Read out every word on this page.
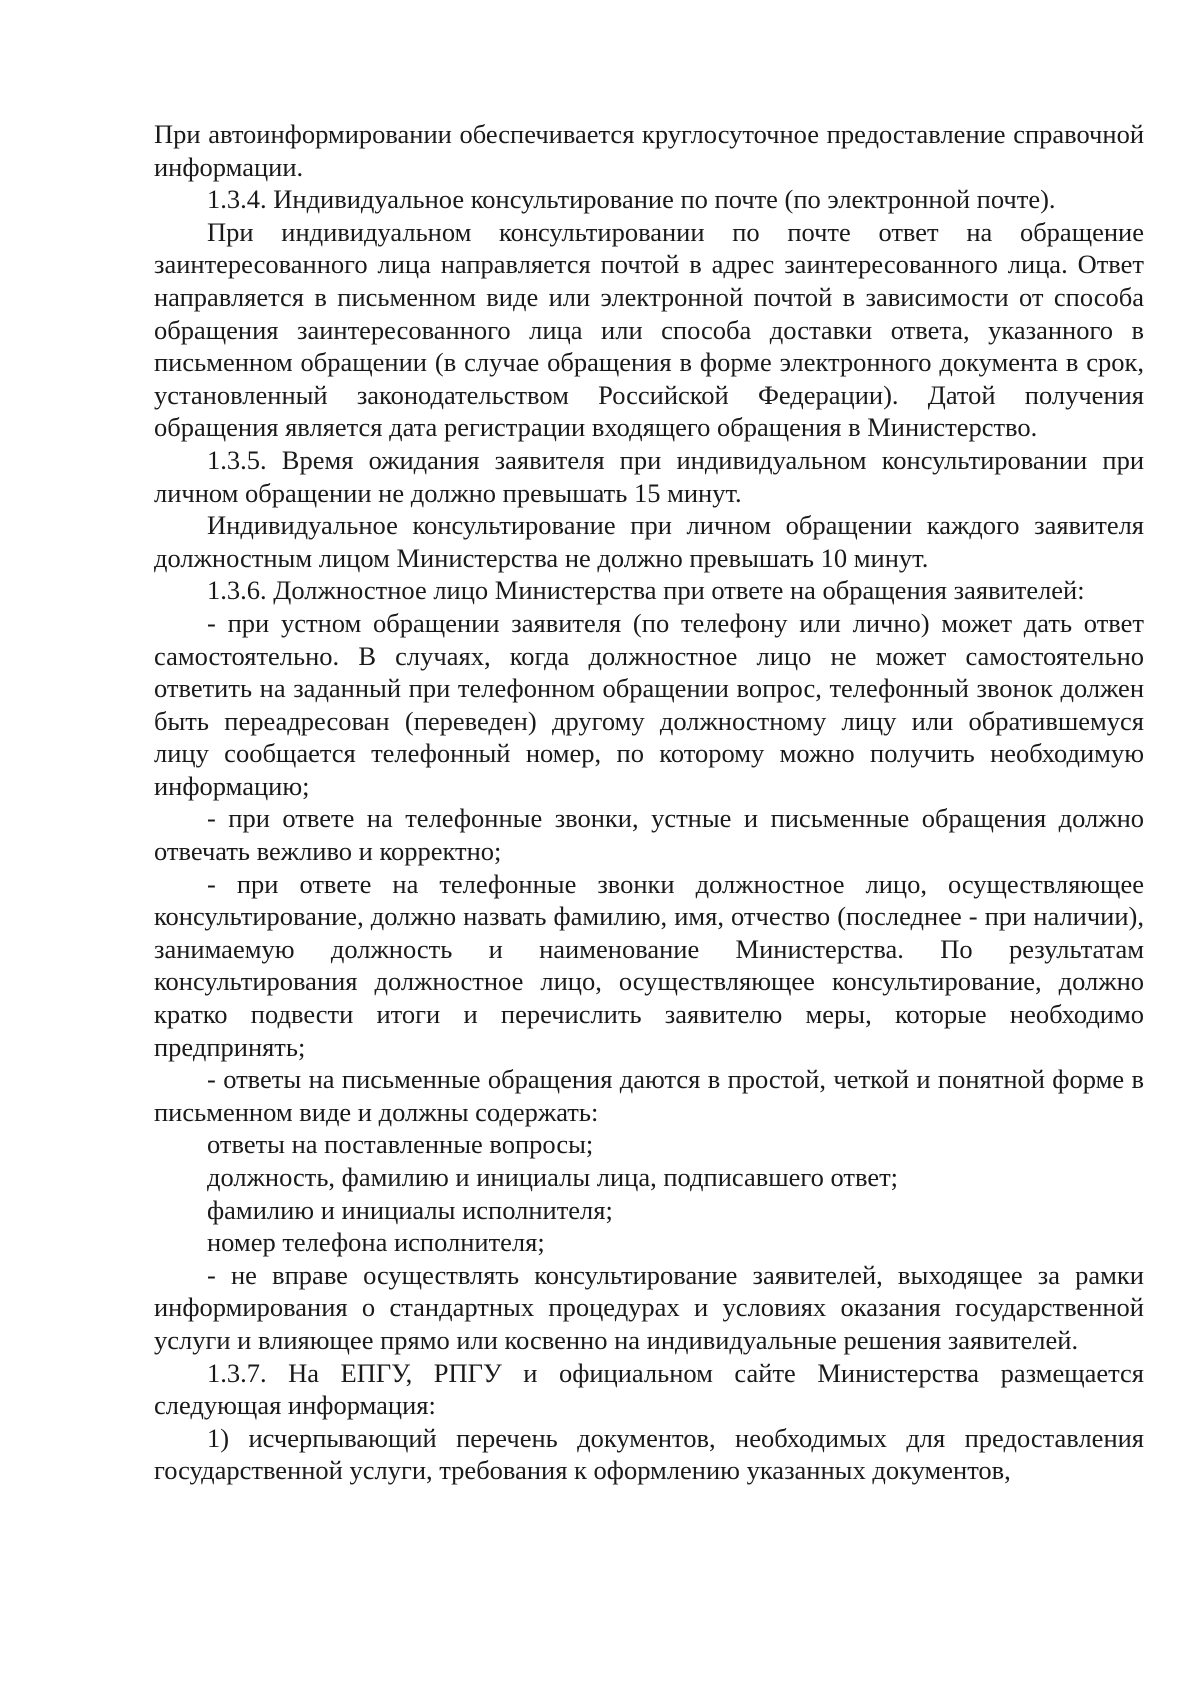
При автоинформировании обеспечивается круглосуточное предоставление справочной информации.

1.3.4. Индивидуальное консультирование по почте (по электронной почте).

При индивидуальном консультировании по почте ответ на обращение заинтересованного лица направляется почтой в адрес заинтересованного лица. Ответ направляется в письменном виде или электронной почтой в зависимости от способа обращения заинтересованного лица или способа доставки ответа, указанного в письменном обращении (в случае обращения в форме электронного документа в срок, установленный законодательством Российской Федерации). Датой получения обращения является дата регистрации входящего обращения в Министерство.

1.3.5. Время ожидания заявителя при индивидуальном консультировании при личном обращении не должно превышать 15 минут.

Индивидуальное консультирование при личном обращении каждого заявителя должностным лицом Министерства не должно превышать 10 минут.

1.3.6. Должностное лицо Министерства при ответе на обращения заявителей:

- при устном обращении заявителя (по телефону или лично) может дать ответ самостоятельно. В случаях, когда должностное лицо не может самостоятельно ответить на заданный при телефонном обращении вопрос, телефонный звонок должен быть переадресован (переведен) другому должностному лицу или обратившемуся лицу сообщается телефонный номер, по которому можно получить необходимую информацию;

- при ответе на телефонные звонки, устные и письменные обращения должно отвечать вежливо и корректно;

- при ответе на телефонные звонки должностное лицо, осуществляющее консультирование, должно назвать фамилию, имя, отчество (последнее - при наличии), занимаемую должность и наименование Министерства. По результатам консультирования должностное лицо, осуществляющее консультирование, должно кратко подвести итоги и перечислить заявителю меры, которые необходимо предпринять;

- ответы на письменные обращения даются в простой, четкой и понятной форме в письменном виде и должны содержать:

ответы на поставленные вопросы;

должность, фамилию и инициалы лица, подписавшего ответ;

фамилию и инициалы исполнителя;

номер телефона исполнителя;

- не вправе осуществлять консультирование заявителей, выходящее за рамки информирования о стандартных процедурах и условиях оказания государственной услуги и влияющее прямо или косвенно на индивидуальные решения заявителей.

1.3.7. На ЕПГУ, РПГУ и официальном сайте Министерства размещается следующая информация:

1) исчерпывающий перечень документов, необходимых для предоставления государственной услуги, требования к оформлению указанных документов,
